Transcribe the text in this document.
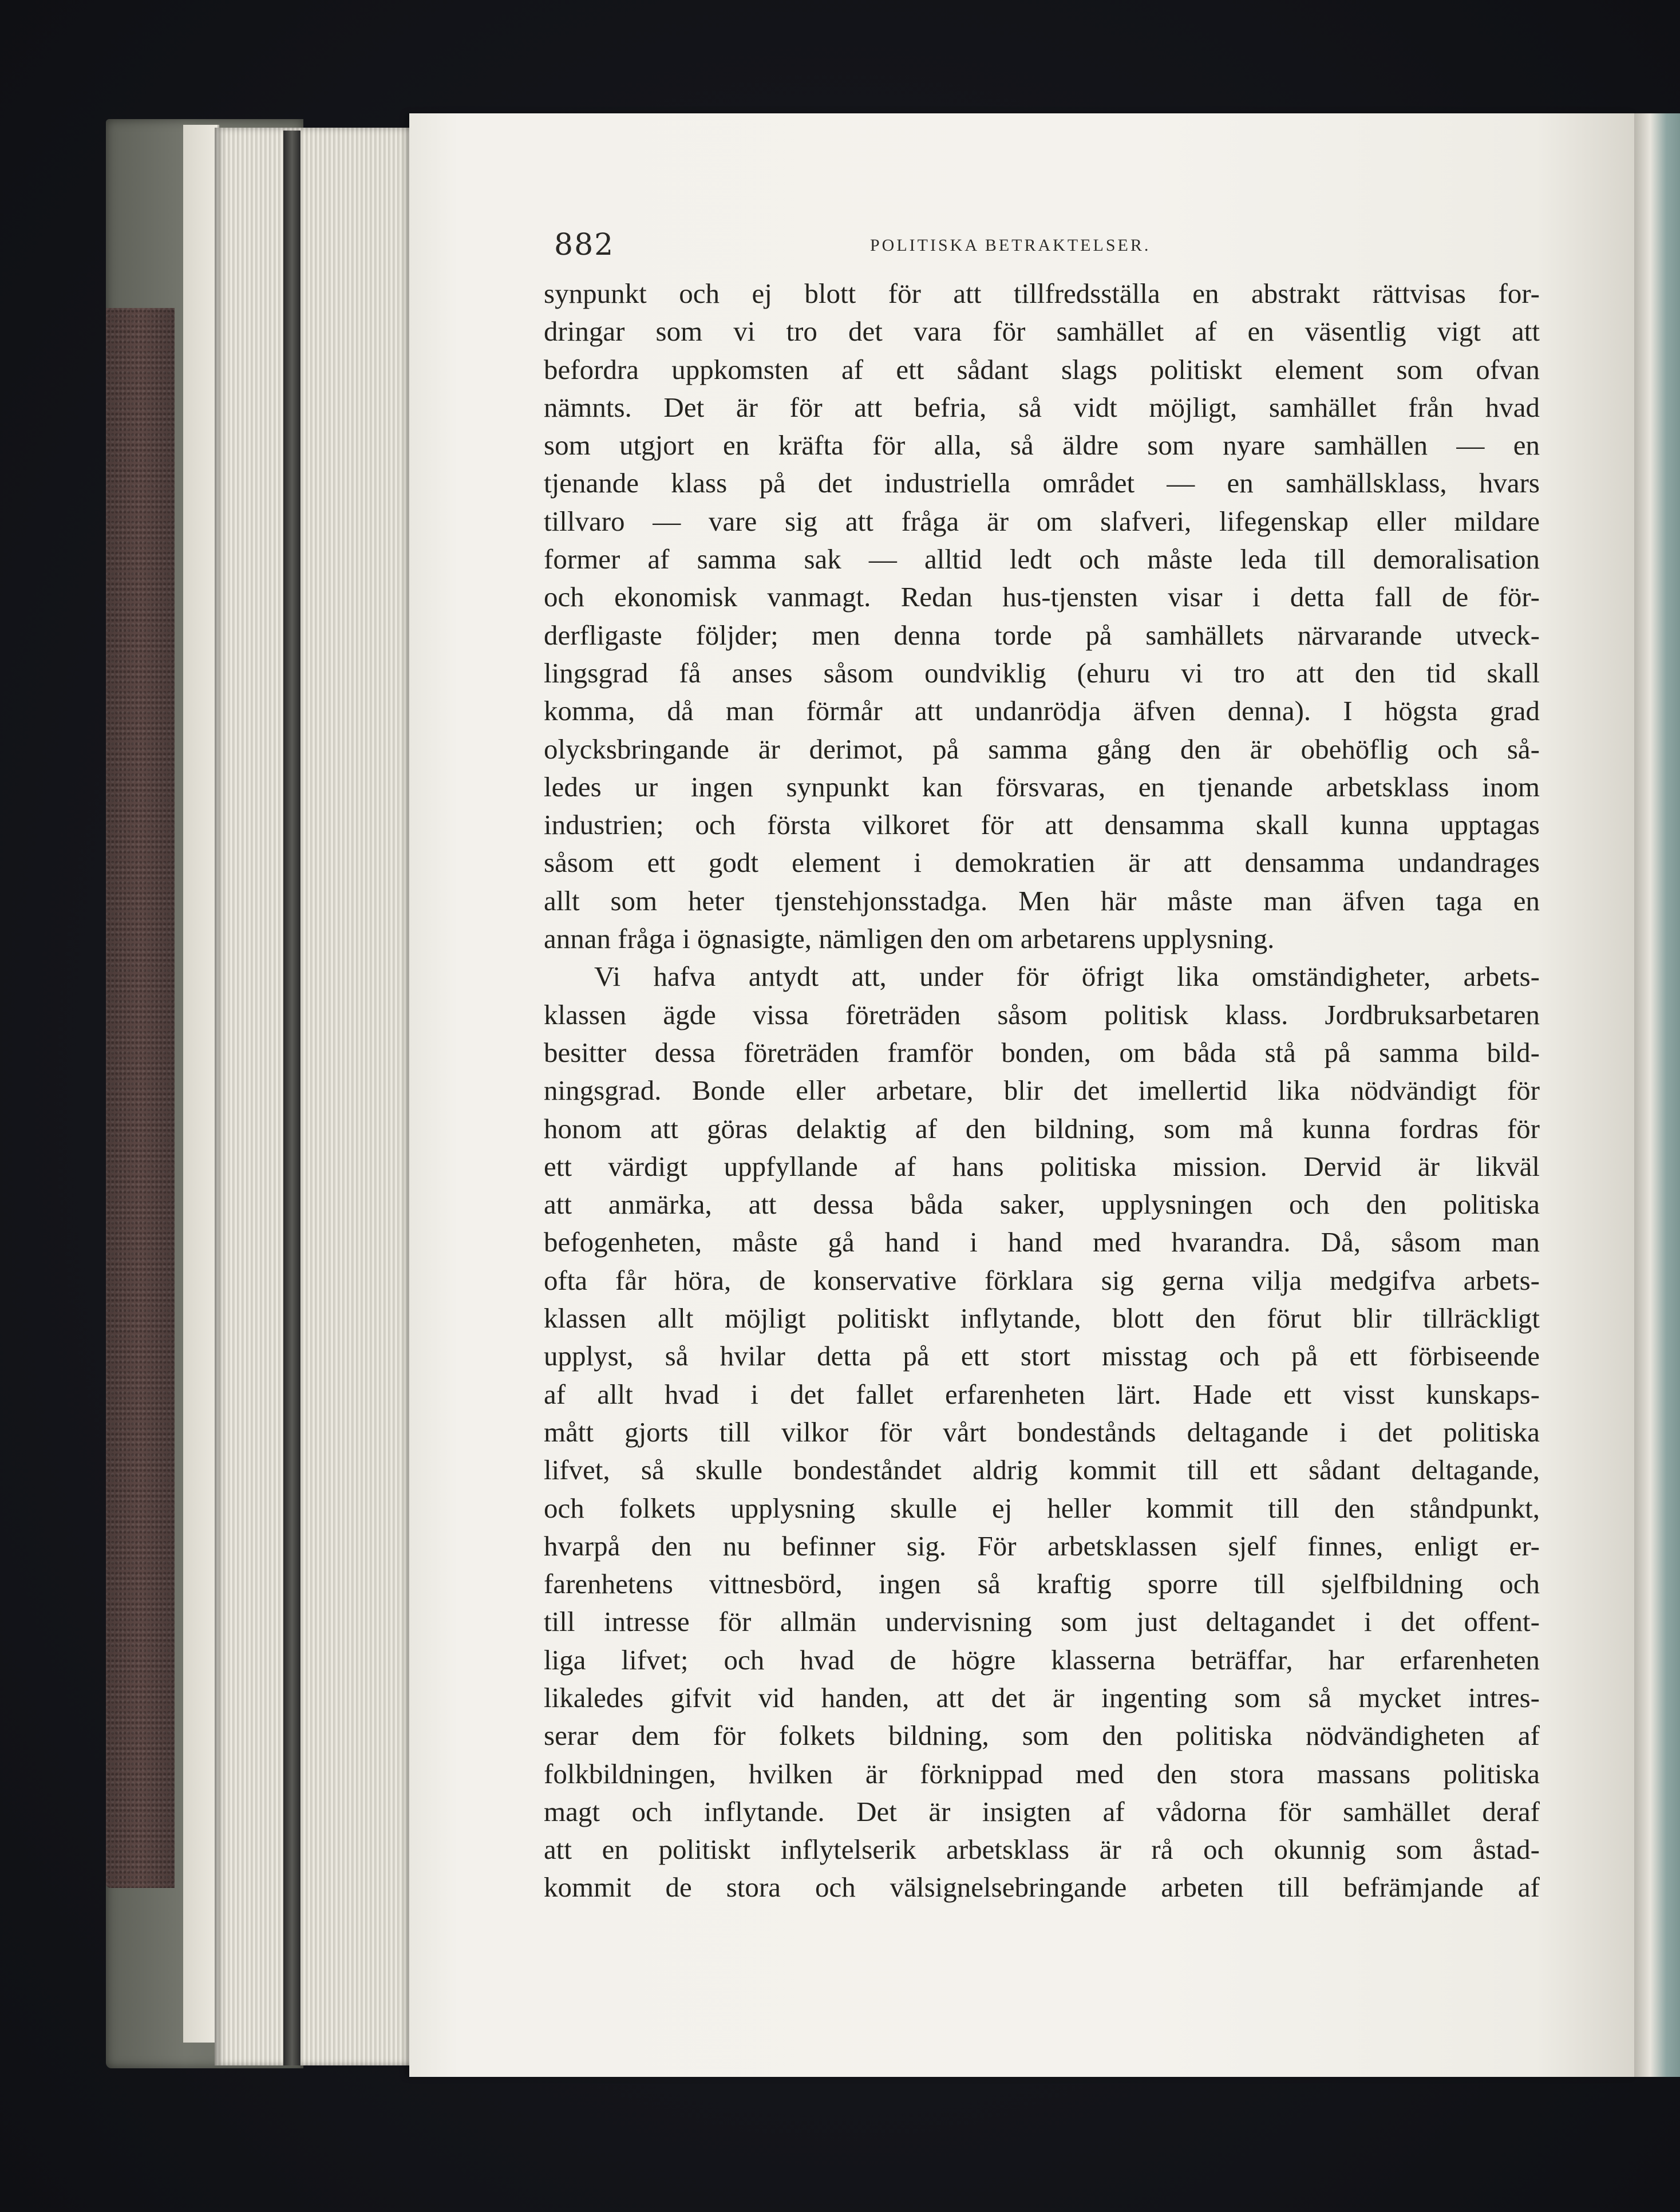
882	POLITISKA BETRAKTELSER.
synpunkt och ej blott för att tillfredsställa en abstrakt rättvisas for-
dringar som vi tro det vara för samhället af en väsentlig vigt att
befordra uppkomsten af ett sådant slags politiskt element som ofvan
nämnts. Det är för att befria, så vidt möjligt, samhället från hvad
som utgjort en kräfta för alla, så äldre som nyare samhällen — en
tjenande klass på det industriella området — en samhällsklass, hvars
tillvaro — vare sig att fråga är om slafveri, lifegenskap eller mildare
former af samma sak — alltid ledt och måste leda till demoralisation
och ekonomisk vanmagt. Redan hus-tjensten visar i detta fall de för-
derfligaste följder; men denna torde på samhällets närvarande utveck-
lingsgrad få anses såsom oundviklig (ehuru vi tro att den tid skall
komma, då man förmår att undanrödja äfven denna). I högsta grad
olycksbringande är derimot, på samma gång den är obehöflig och så-
ledes ur ingen synpunkt kan försvaras, en tjenande arbetsklass inom
industrien; och första vilkoret för att densamma skall kunna upptagas
såsom ett godt element i demokratien är att densamma undandrages
allt som heter tjenstehjonsstadga. Men här måste man äfven taga en
annan fråga i ögnasigte, nämligen den om arbetarens upplysning.
Vi hafva antydt att, under för öfrigt lika omständigheter, arbets-
klassen ägde vissa företräden såsom politisk klass. Jordbruksarbetaren
besitter dessa företräden framför bonden, om båda stå på samma bild-
ningsgrad. Bonde eller arbetare, blir det imellertid lika nödvändigt för
honom att göras delaktig af den bildning, som må kunna fordras för
ett värdigt uppfyllande af hans politiska mission. Dervid är likväl
att anmärka, att dessa båda saker, upplysningen och den politiska
befogenheten, måste gå hand i hand med hvarandra. Då, såsom man
ofta får höra, de konservative förklara sig gerna vilja medgifva arbets-
klassen allt möjligt politiskt inflytande, blott den förut blir tillräckligt
upplyst, så hvilar detta på ett stort misstag och på ett förbiseende
af allt hvad i det fallet erfarenheten lärt. Hade ett visst kunskaps-
mått gjorts till vilkor för vårt bondestånds deltagande i det politiska
lifvet, så skulle bondeståndet aldrig kommit till ett sådant deltagande,
och folkets upplysning skulle ej heller kommit till den ståndpunkt,
hvarpå den nu befinner sig. För arbetsklassen sjelf finnes, enligt er-
farenhetens vittnesbörd, ingen så kraftig sporre till sjelfbildning och
till intresse för allmän undervisning som just deltagandet i det offent-
liga lifvet; och hvad de högre klasserna beträffar, har erfarenheten
likaledes gifvit vid handen, att det är ingenting som så mycket intres-
serar dem för folkets bildning, som den politiska nödvändigheten af
folkbildningen, hvilken är förknippad med den stora massans politiska
magt och inflytande. Det är insigten af vådorna för samhället deraf
att en politiskt inflytelserik arbetsklass är rå och okunnig som åstad-
kommit de stora och välsignelsebringande arbeten till befrämjande af
